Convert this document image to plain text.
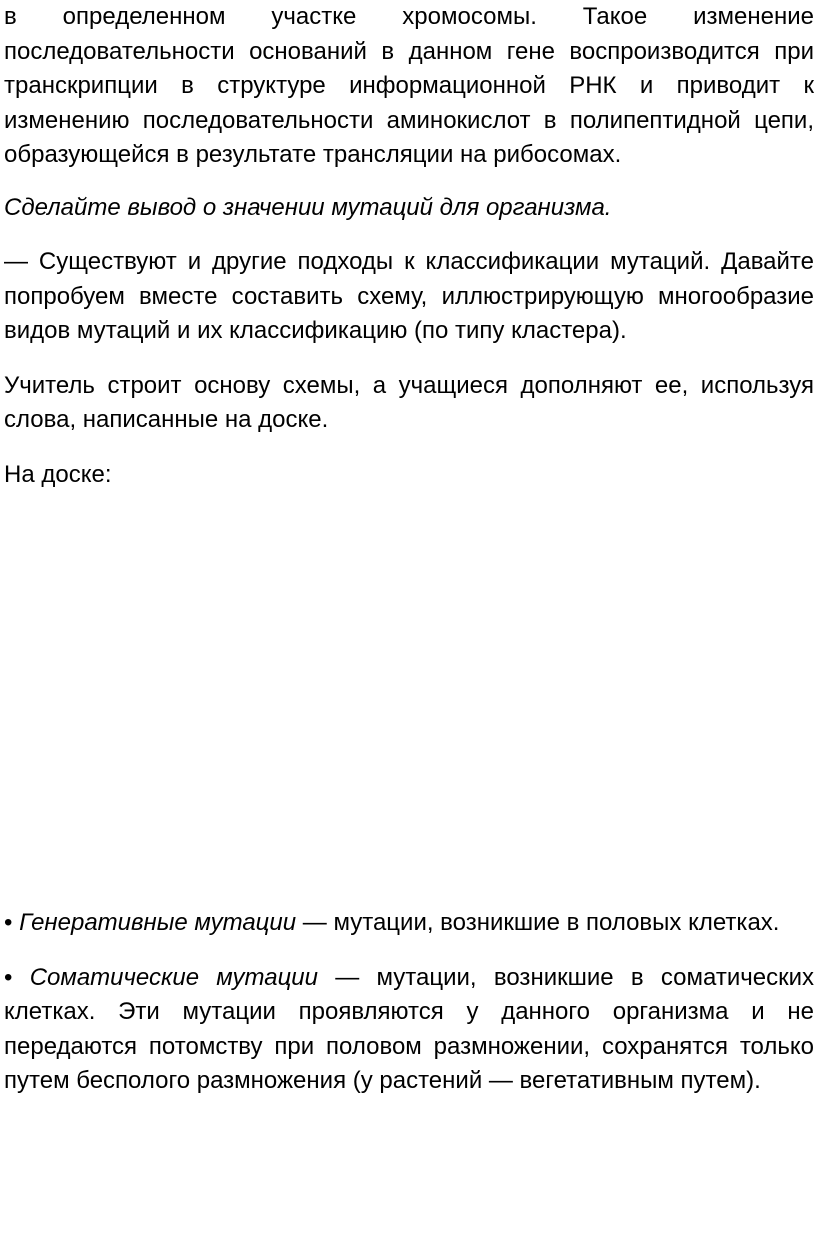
в определенном участке хромосомы. Такое изменение последовательности оснований в данном гене воспроизводится при транскрипции в структуре информационной РНК и приводит к изменению последовательности аминокислот в полипептидной цепи, образующейся в результате трансляции на рибосомах.

Сделайте вывод о значении мутаций для организма.

— Существуют и другие подходы к классификации мутаций. Давайте попробуем вместе составить схему, иллюстрирующую многообразие видов мутаций и их классификацию (по типу кластера).

Учитель строит основу схемы, а учащиеся дополняют ее, используя слова, написанные на доске.

На доске:

• Генеративные мутации — мутации, возникшие в половых клетках.

• Соматические мутации — мутации, возникшие в соматических клетках. Эти мутации проявляются у данного организма и не передаются потомству при половом размножении, сохранятся только путем бесполого размножения (у растений — вегетативным путем).
